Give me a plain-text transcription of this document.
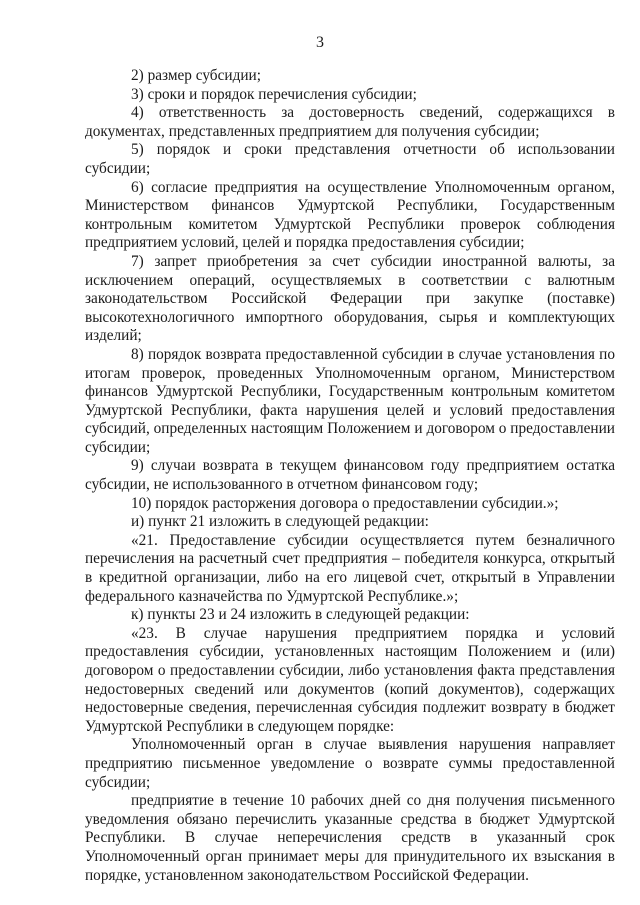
3

2) размер субсидии;

3) сроки и порядок перечисления субсидии;

4) ответственность за достоверность сведений, содержащихся в документах, представленных предприятием для получения субсидии;

5) порядок и сроки представления отчетности об использовании субсидии;

6) согласие предприятия на осуществление Уполномоченным органом, Министерством финансов Удмуртской Республики, Государственным контрольным комитетом Удмуртской Республики проверок соблюдения предприятием условий, целей и порядка предоставления субсидии;

7) запрет приобретения за счет субсидии иностранной валюты, за исключением операций, осуществляемых в соответствии с валютным законодательством Российской Федерации при закупке (поставке) высокотехнологичного импортного оборудования, сырья и комплектующих изделий;

8) порядок возврата предоставленной субсидии в случае установления по итогам проверок, проведенных Уполномоченным органом, Министерством финансов Удмуртской Республики, Государственным контрольным комитетом Удмуртской Республики, факта нарушения целей и условий предоставления субсидий, определенных настоящим Положением и договором о предоставлении субсидии;

9) случаи возврата в текущем финансовом году предприятием остатка субсидии, не использованного в отчетном финансовом году;

10) порядок расторжения договора о предоставлении субсидии.»;

и) пункт 21 изложить в следующей редакции:

«21. Предоставление субсидии осуществляется путем безналичного перечисления на расчетный счет предприятия – победителя конкурса, открытый в кредитной организации, либо на его лицевой счет, открытый в Управлении федерального казначейства по Удмуртской Республике.»;

к) пункты 23 и 24 изложить в следующей редакции:

«23. В случае нарушения предприятием порядка и условий предоставления субсидии, установленных настоящим Положением и (или) договором о предоставлении субсидии, либо установления факта представления недостоверных сведений или документов (копий документов), содержащих недостоверные сведения, перечисленная субсидия подлежит возврату в бюджет Удмуртской Республики в следующем порядке:

Уполномоченный орган в случае выявления нарушения направляет предприятию письменное уведомление о возврате суммы предоставленной субсидии;

предприятие в течение 10 рабочих дней со дня получения письменного уведомления обязано перечислить указанные средства в бюджет Удмуртской Республики. В случае неперечисления средств в указанный срок Уполномоченный орган принимает меры для принудительного их взыскания в порядке, установленном законодательством Российской Федерации.
